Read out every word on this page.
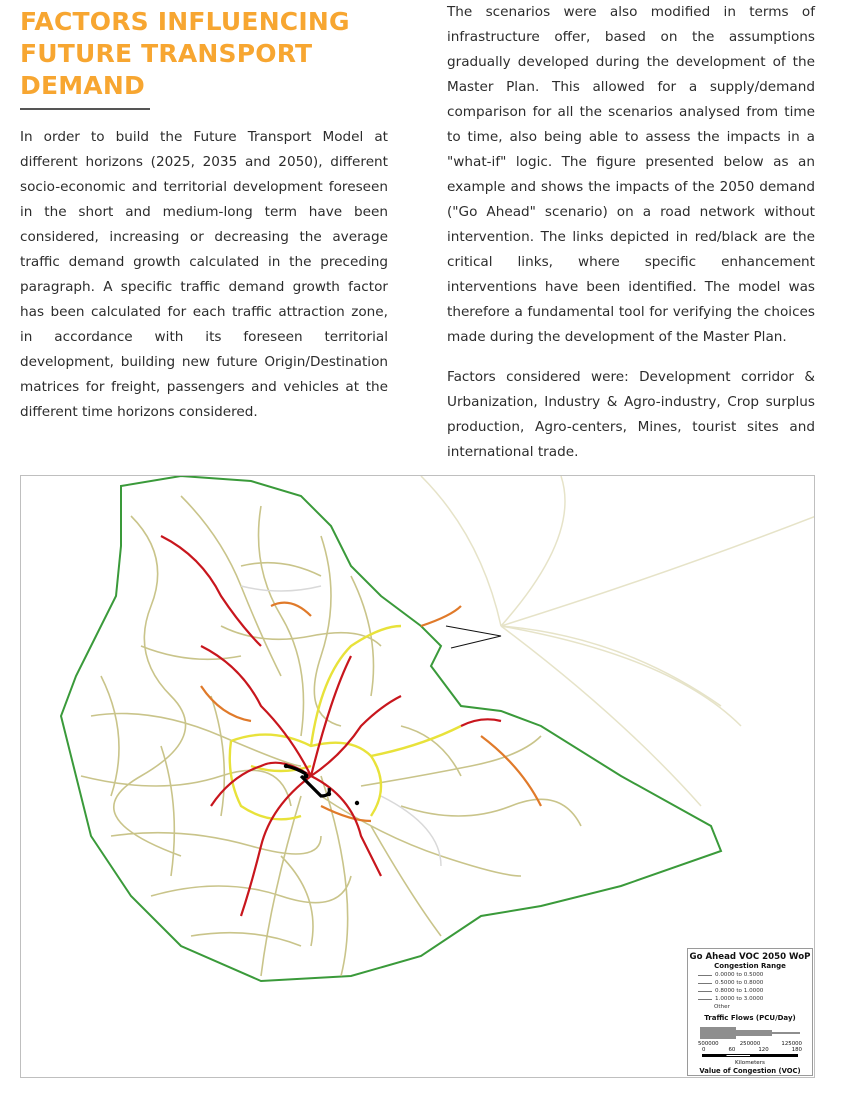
FACTORS INFLUENCING
FUTURE TRANSPORT
DEMAND

In order to build the Future Transport Model at different horizons (2025, 2035 and 2050), different socio-economic and territorial development foreseen in the short and medium-long term have been considered, increasing or decreasing the average traffic demand growth calculated in the preceding paragraph. A specific traffic demand growth factor has been calculated for each traffic attraction zone, in accordance with its foreseen territorial development, building new future Origin/Destination matrices for freight, passengers and vehicles at the different time horizons considered.

The scenarios were also modified in terms of infrastructure offer, based on the assumptions gradually developed during the development of the Master Plan. This allowed for a supply/demand comparison for all the scenarios analysed from time to time, also being able to assess the impacts in a "what-if" logic. The figure presented below as an example and shows the impacts of the 2050 demand ("Go Ahead" scenario) on a road network without intervention. The links depicted in red/black are the critical links, where specific enhancement interventions have been identified. The model was therefore a fundamental tool for verifying the choices made during the development of the Master Plan.

Factors considered were: Development corridor & Urbanization, Industry & Agro-industry, Crop surplus production, Agro-centers, Mines, tourist sites and international trade.

Go Ahead VOC 2050 WoP
Congestion Range
0.0000 to 0.5000
0.5000 to 0.8000
0.8000 to 1.0000
1.0000 to 3.0000
Other
Traffic Flows (PCU/Day)
500000	250000	125000
0	60	120	180
Kilometers
Value of Congestion (VOC)
